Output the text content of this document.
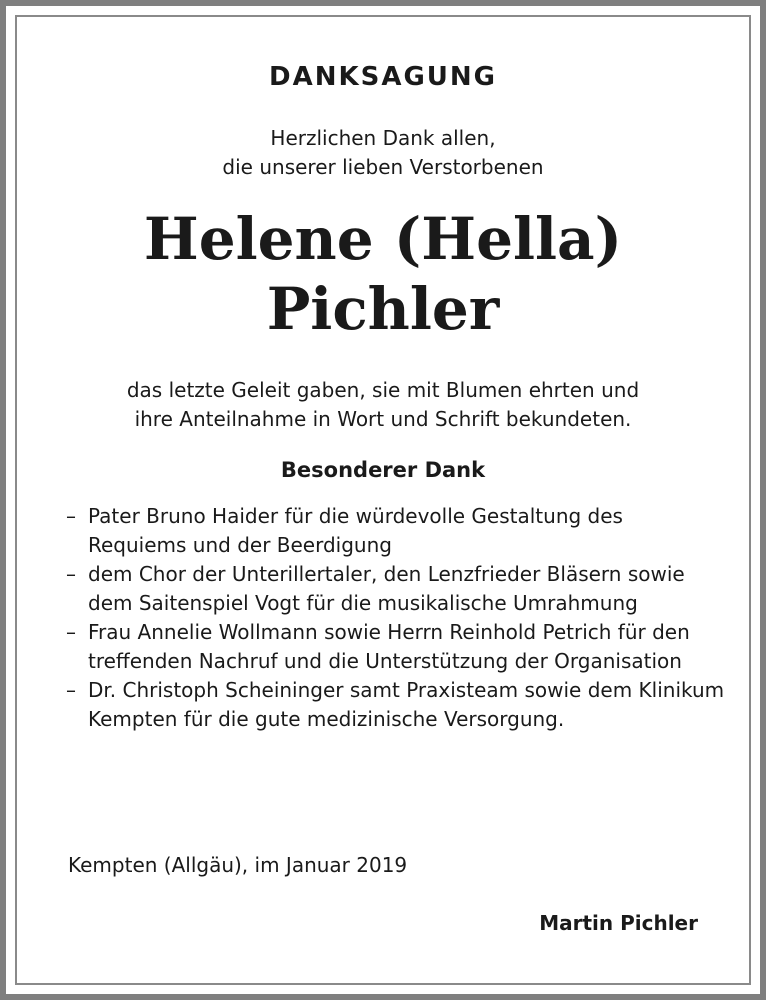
DANKSAGUNG
Herzlichen Dank allen,
die unserer lieben Verstorbenen
Helene (Hella)
Pichler
das letzte Geleit gaben, sie mit Blumen ehrten und
ihre Anteilnahme in Wort und Schrift bekundeten.
Besonderer Dank
– Pater Bruno Haider für die würdevolle Gestaltung des Requiems und der Beerdigung
– dem Chor der Unterillertaler, den Lenzfrieder Bläsern sowie dem Saitenspiel Vogt für die musikalische Umrahmung
– Frau Annelie Wollmann sowie Herrn Reinhold Petrich für den treffenden Nachruf und die Unterstützung der Organisation
– Dr. Christoph Scheininger samt Praxisteam sowie dem Klinikum Kempten für die gute medizinische Versorgung.
Kempten (Allgäu), im Januar 2019
Martin Pichler
